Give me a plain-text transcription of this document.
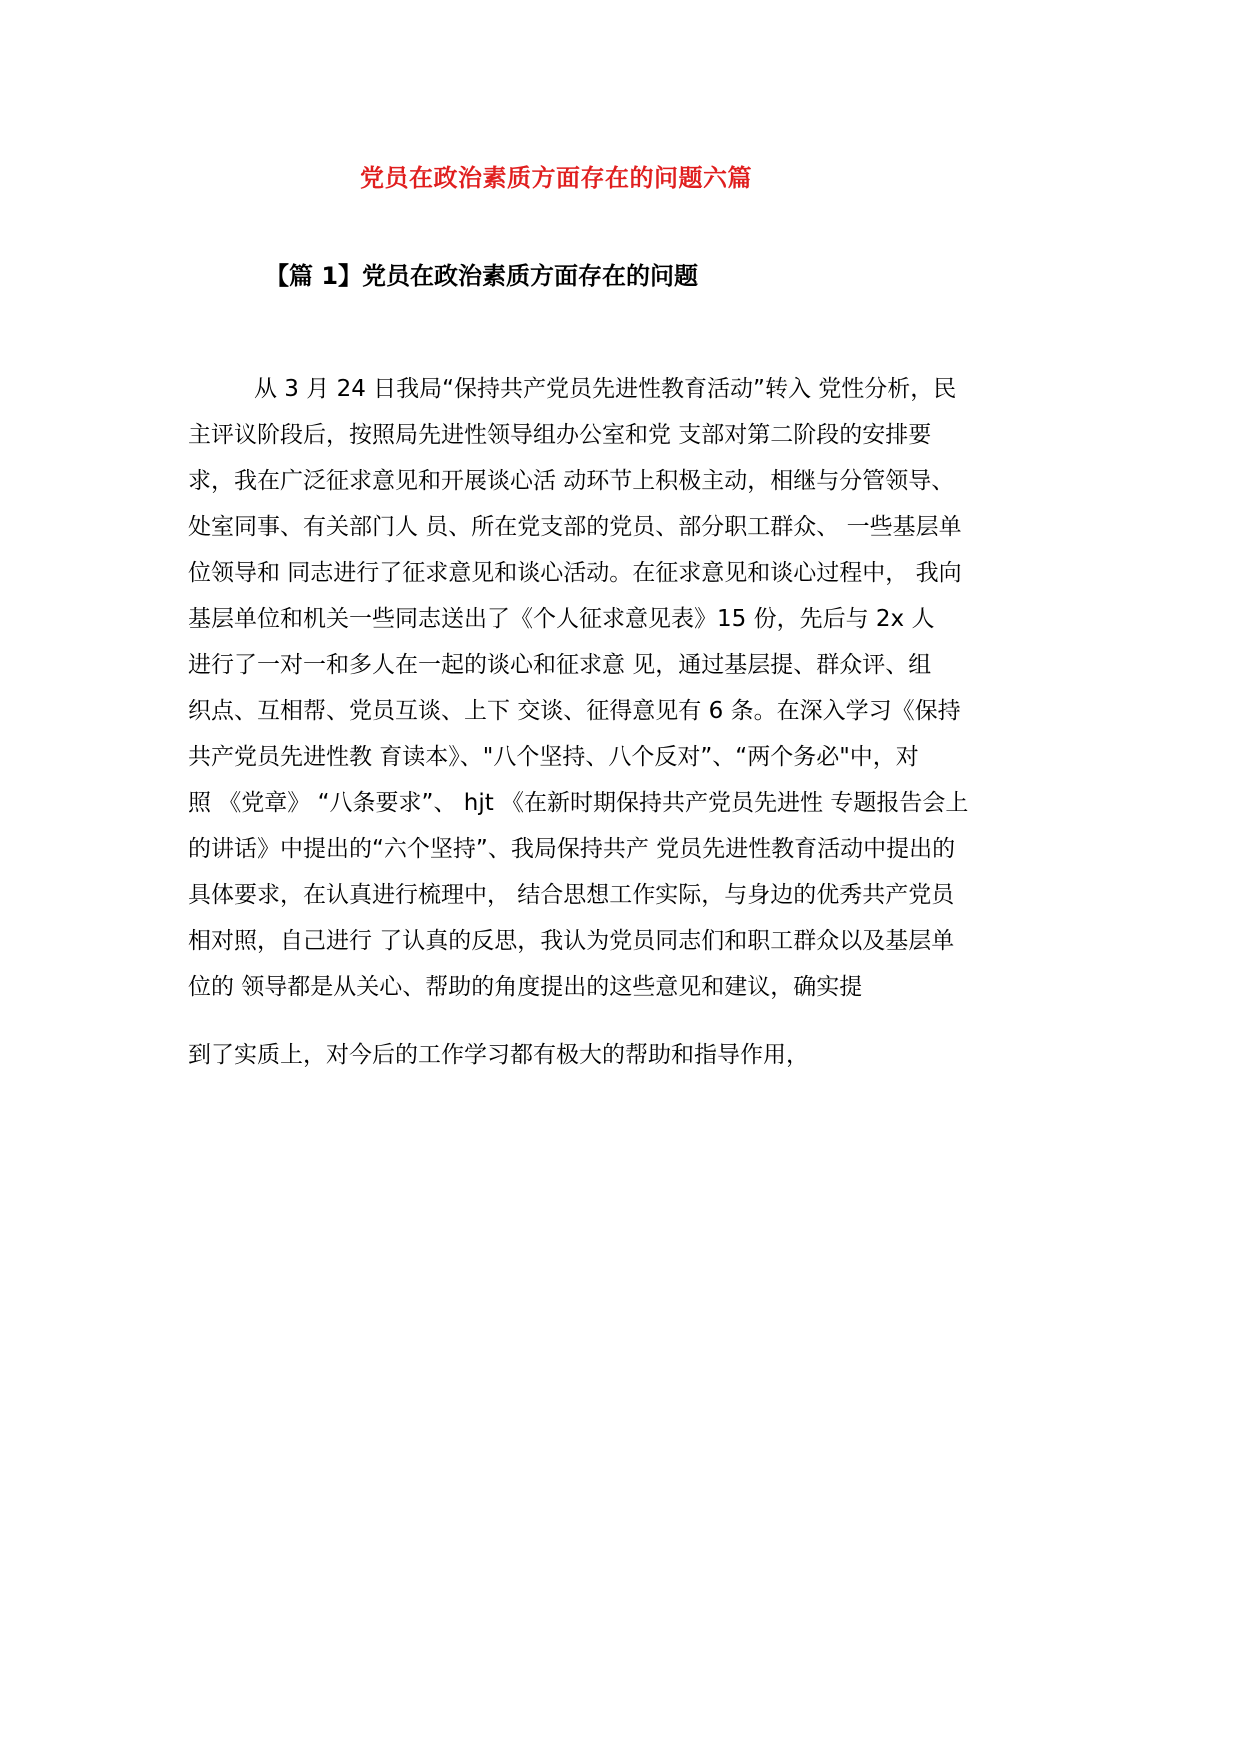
党员在政治素质方面存在的问题六篇
【篇 1】党员在政治素质方面存在的问题
从 3 月 24 日我局“保持共产党员先进性教育活动”转入 党性分析，民
主评议阶段后，按照局先进性领导组办公室和党 支部对第二阶段的安排要
求，我在广泛征求意见和开展谈心活 动环节上积极主动，相继与分管领导、
处室同事、有关部门人 员、所在党支部的党员、部分职工群众、 一些基层单
位领导和 同志进行了征求意见和谈心活动。在征求意见和谈心过程中， 我向
基层单位和机关一些同志送出了《个人征求意见表》15 份，先后与 2x 人
进行了一对一和多人在一起的谈心和征求意 见，通过基层提、群众评、组
织点、互相帮、党员互谈、上下 交谈、征得意见有 6 条。在深入学习《保持
共产党员先进性教 育读本》、"八个坚持、八个反对”、“两个务必"中，对
照 《党章》 “八条要求”、 hjt 《在新时期保持共产党员先进性 专题报告会上
的讲话》中提出的“六个坚持”、我局保持共产 党员先进性教育活动中提出的
具体要求，在认真进行梳理中， 结合思想工作实际，与身边的优秀共产党员
相对照，自己进行 了认真的反思，我认为党员同志们和职工群众以及基层单
位的 领导都是从关心、帮助的角度提出的这些意见和建议，确实提
到了实质上，对今后的工作学习都有极大的帮助和指导作用，
